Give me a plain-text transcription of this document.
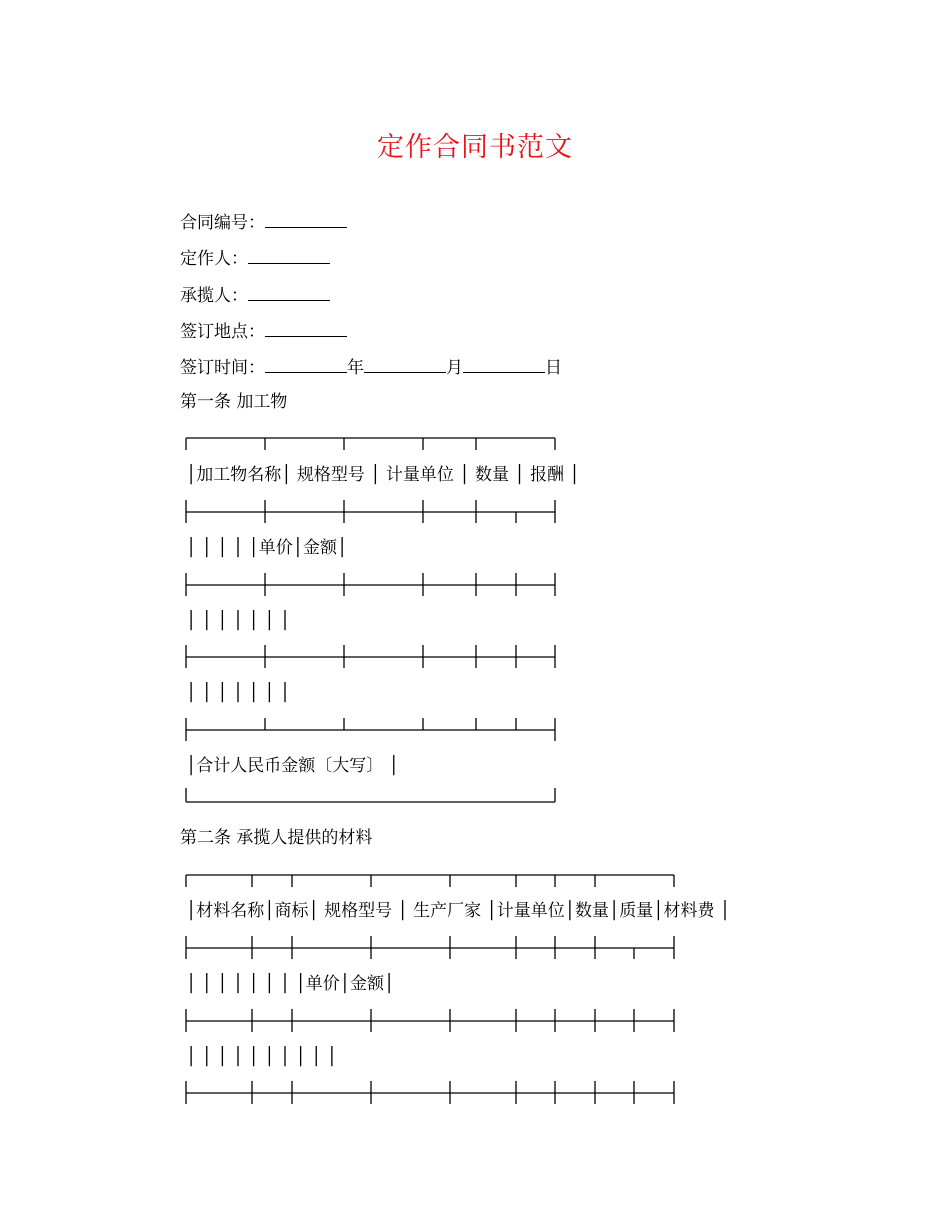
定作合同书范文
合同编号：
定作人：
承揽人：
签订地点：
签订时间：	年	月	日
第一条 加工物
│加工物名称│ 规格型号 │ 计量单位 │ 数量 │ 报酬 │
│ │ │ │ │单价│金额│
│ │ │ │ │ │ │
│ │ │ │ │ │ │
│合计人民币金额〔大写〕 │
第二条 承揽人提供的材料
│材料名称│商标│ 规格型号 │ 生产厂家 │计量单位│数量│质量│材料费 │
│ │ │ │ │ │ │ │单价│金额│
│ │ │ │ │ │ │ │ │ │
